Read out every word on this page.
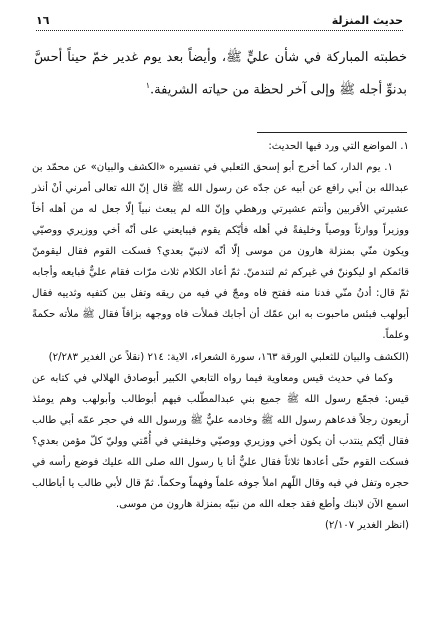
حديث المنزلة
١٦
خطبته المباركة في شأن عليٍّ ﷺ، وأيضاً بعد يوم غدير خمّ حيناً أحسَّ بدنوِّ أجله ﷺ وإلى آخر لحظة من حياته الشريفة.$^١$

١. المواضع التي ورد فيها الحديث:

١. يوم الدار، كما أخرج أبو إسحق الثعلبي في تفسيره «الكشف والبيان» عن محمّد بن عبدالله بن أبي رافع عن أبيه عن جدّه عن رسول الله ﷺ قال إنّ الله تعالى أمرني أنْ أنذر عشيرتي الأقربين وأنتم عشيرتي ورهطي وإنّ الله لم يبعث نبياً إلّا جعل له من أهله أخاً ووزيراً ووارثاً ووصياً وخليفةً في أهله فأيّكم يقوم فيبايعني على أنّه أخي ووزيري ووصيّي ويكون منّي بمنزلة هارون من موسى إلّا أنّه لانبيّ بعدي؟ فسكت القوم فقال ليقومنّ قائمكم او ليكوننّ في غيركم ثم لتندمنّ. ثمّ أعاد الكلام ثلاث مرّات فقام عليٌّ فبايعه وأجابه ثمّ قال: أدنُ منّي فدنا منه ففتح فاه ومجّ في فيه من ريقه وتفل بين كتفيه وثدييه فقال أبولهب فبئس ماحبوت به ابن عمّك أن أجابك فملأت فاه ووجهه بزاقاً فقال ﷺ ملأته حكمةً وعلماً.

(الكشف والبيان للثعلبي الورقة ١٦٣، سورة الشعراء، الاية: ٢١٤ (نقلاً عن الغدير ٢/٢٨٣)

وكما في حديث قيس ومعاوية فيما رواه التابعي الكبير أبوصادق الهلالي في كتابه عن قيس: فجمّع رسول الله ﷺ جميع بني عبدالمطّلب فيهم أبوطالب وأبولهب وهم يومئذ أربعون رجلاً فدعاهم رسول الله ﷺ وخادمه عليٌّ ﷺ ورسول الله في حجر عمّه أبي طالب فقال أيّكم ينتدب أن يكون أخي ووزيري ووصيّي وخليفتي في أُمّتي ووليّ كلّ مؤمن بعدي؟ فسكت القوم حتّى أعادها ثلاثاً فقال عليٌّ أنا يا رسول الله صلى الله عليك فوضع رأسه في حجره وتفل في فيه وقال اللّهم املأ جوفه علماً وفهماً وحكماً. ثمّ قال لأبي طالب يا أباطالب اسمع الآن لابنك وأطع فقد جعله الله من نبيّه بمنزلة هارون من موسى.

(انظر الغدير ٢/١٠٧)
